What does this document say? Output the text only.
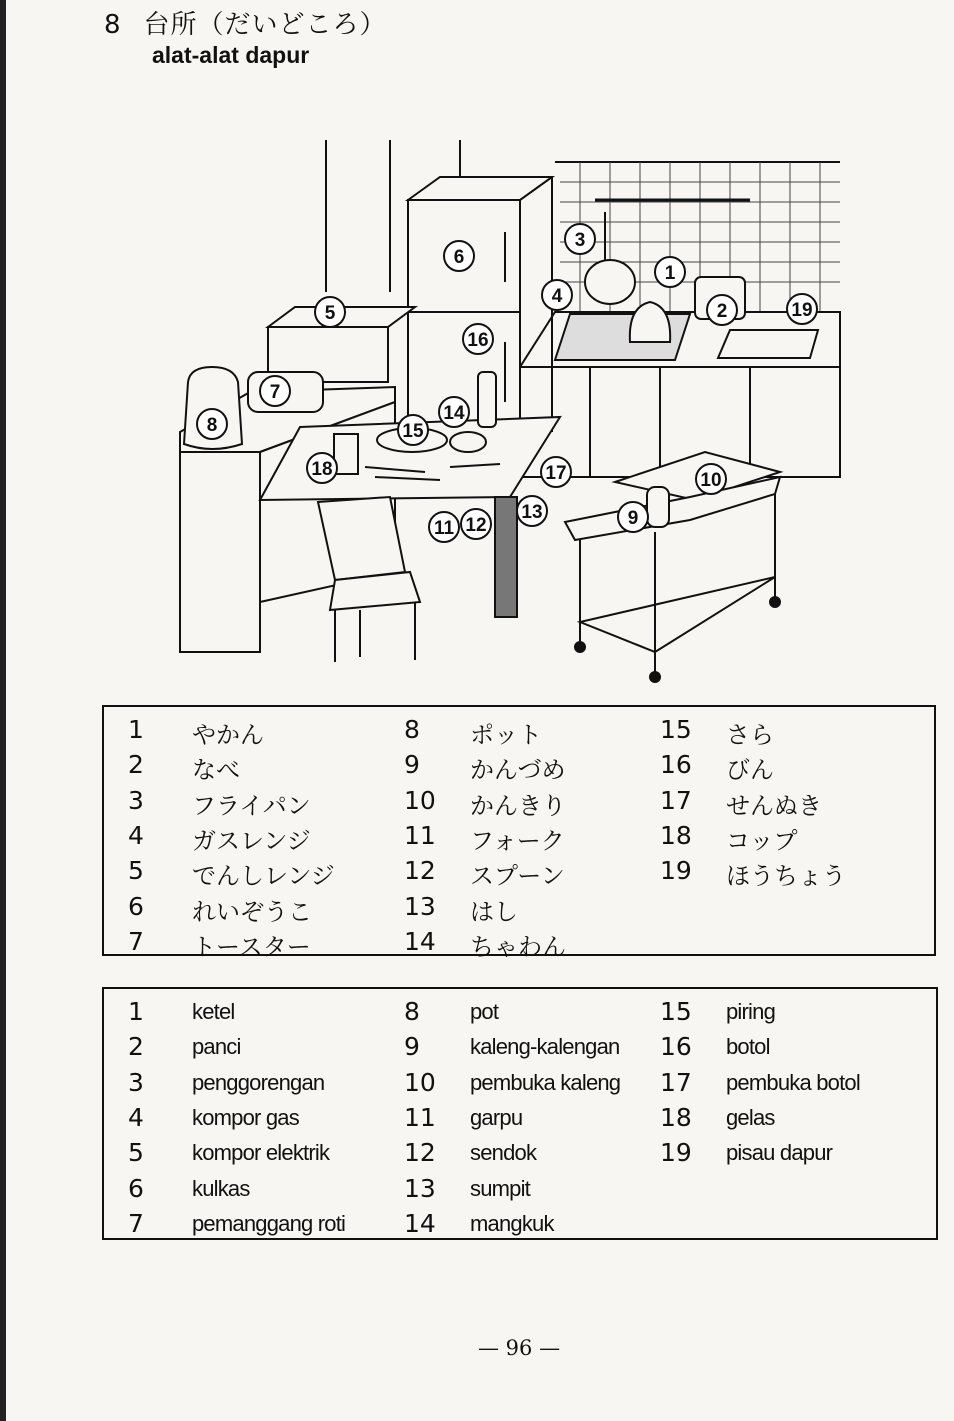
8 台所（だいどころ）
alat-alat dapur
1
2
3
4
5
6
7
8
9
10
11 12
13
14
15
16
17
18
19
1 やかん
2 なべ
3 フライパン
4 ガスレンジ
5 でんしレンジ
6 れいぞうこ
7 トースター
8 ポット
9 かんづめ
10 かんきり
11 フォーク
12 スプーン
13 はし
14 ちゃわん
15 さら
16 びん
17 せんぬき
18 コップ
19 ほうちょう
1 ketel
2 panci
3 penggorengan
4 kompor gas
5 kompor elektrik
6 kulkas
7 pemanggang roti
8 pot
9 kaleng-kalengan
10 pembuka kaleng
11 garpu
12 sendok
13 sumpit
14 mangkuk
15 piring
16 botol
17 pembuka botol
18 gelas
19 pisau dapur
— 96 —
